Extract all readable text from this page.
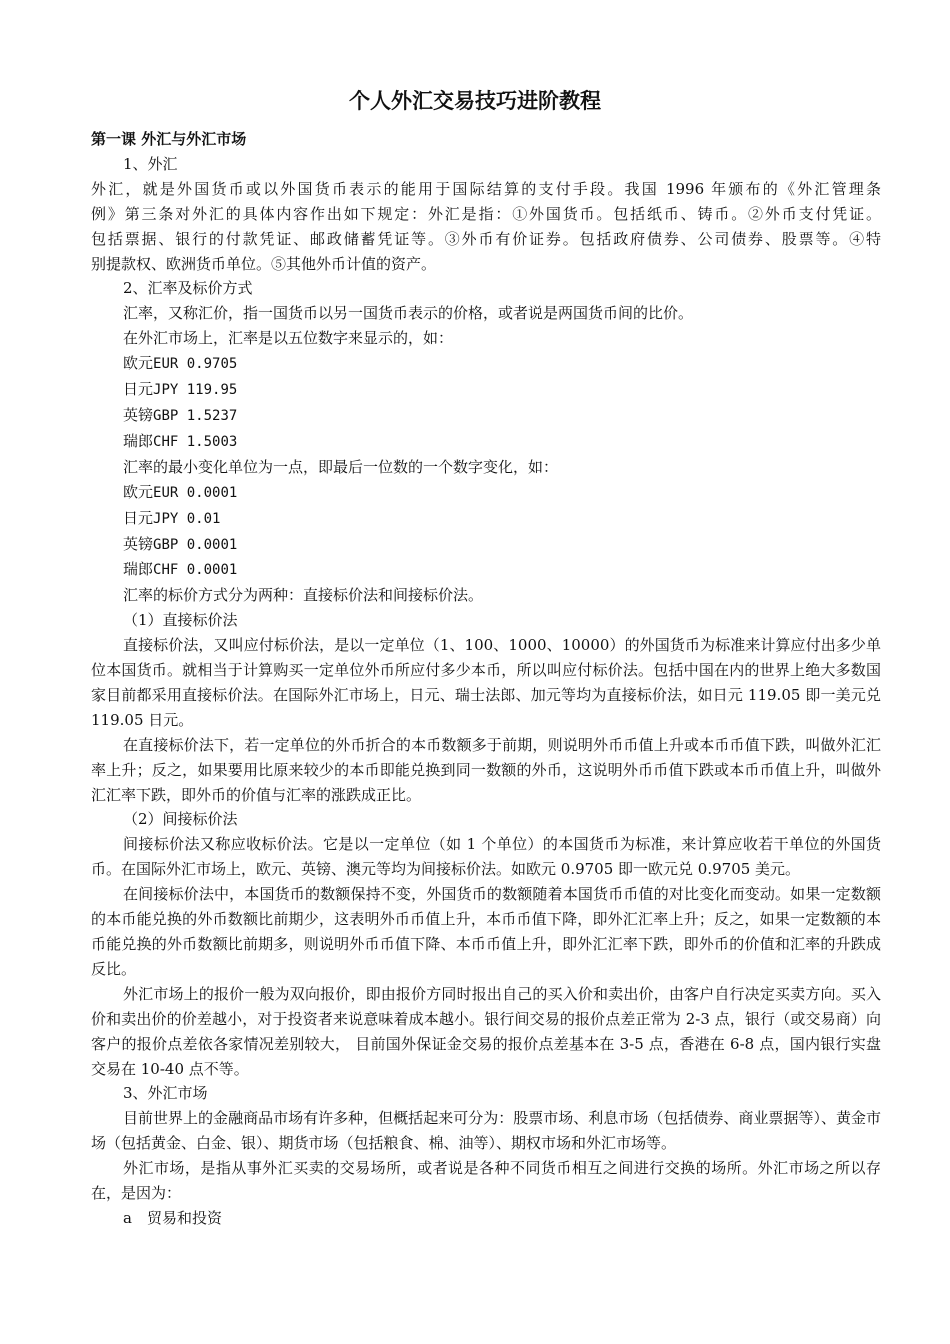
个人外汇交易技巧进阶教程

第一课 外汇与外汇市场

1、外汇

外汇，就是外国货币或以外国货币表示的能用于国际结算的支付手段。我国 1996 年颁布的《外汇管理条

例》第三条对外汇的具体内容作出如下规定：外汇是指：①外国货币。包括纸币、铸币。②外币支付凭证。

包括票据、银行的付款凭证、邮政储蓄凭证等。③外币有价证券。包括政府债券、公司债券、股票等。④特

别提款权、欧洲货币单位。⑤其他外币计值的资产。

2、汇率及标价方式

汇率，又称汇价，指一国货币以另一国货币表示的价格，或者说是两国货币间的比价。

在外汇市场上，汇率是以五位数字来显示的，如：

欧元EUR 0.9705

日元JPY 119.95

英镑GBP 1.5237

瑞郎CHF 1.5003

汇率的最小变化单位为一点，即最后一位数的一个数字变化，如：

欧元EUR 0.0001

日元JPY 0.01

英镑GBP 0.0001

瑞郎CHF 0.0001

汇率的标价方式分为两种：直接标价法和间接标价法。

（1）直接标价法

直接标价法，又叫应付标价法，是以一定单位（1、100、1000、10000）的外国货币为标准来计算应付出多少单位本国货币。就相当于计算购买一定单位外币所应付多少本币，所以叫应付标价法。包括中国在内的世界上绝大多数国家目前都采用直接标价法。在国际外汇市场上，日元、瑞士法郎、加元等均为直接标价法，如日元 119.05 即一美元兑 119.05 日元。

在直接标价法下，若一定单位的外币折合的本币数额多于前期，则说明外币币值上升或本币币值下跌，叫做外汇汇率上升；反之，如果要用比原来较少的本币即能兑换到同一数额的外币，这说明外币币值下跌或本币币值上升，叫做外汇汇率下跌，即外币的价值与汇率的涨跌成正比。

（2）间接标价法

间接标价法又称应收标价法。它是以一定单位（如 1 个单位）的本国货币为标准，来计算应收若干单位的外国货币。在国际外汇市场上，欧元、英镑、澳元等均为间接标价法。如欧元 0.9705 即一欧元兑 0.9705 美元。

在间接标价法中，本国货币的数额保持不变，外国货币的数额随着本国货币币值的对比变化而变动。如果一定数额的本币能兑换的外币数额比前期少，这表明外币币值上升，本币币值下降，即外汇汇率上升；反之，如果一定数额的本币能兑换的外币数额比前期多，则说明外币币值下降、本币币值上升，即外汇汇率下跌，即外币的价值和汇率的升跌成反比。

外汇市场上的报价一般为双向报价，即由报价方同时报出自己的买入价和卖出价，由客户自行决定买卖方向。买入价和卖出价的价差越小，对于投资者来说意味着成本越小。银行间交易的报价点差正常为 2-3 点，银行（或交易商）向客户的报价点差依各家情况差别较大， 目前国外保证金交易的报价点差基本在 3-5 点，香港在 6-8 点，国内银行实盘交易在 10-40 点不等。

3、外汇市场

目前世界上的金融商品市场有许多种，但概括起来可分为：股票市场、利息市场（包括债券、商业票据等）、黄金市场（包括黄金、白金、银）、期货市场（包括粮食、棉、油等）、期权市场和外汇市场等。

外汇市场，是指从事外汇买卖的交易场所，或者说是各种不同货币相互之间进行交换的场所。外汇市场之所以存在，是因为：

a　贸易和投资
